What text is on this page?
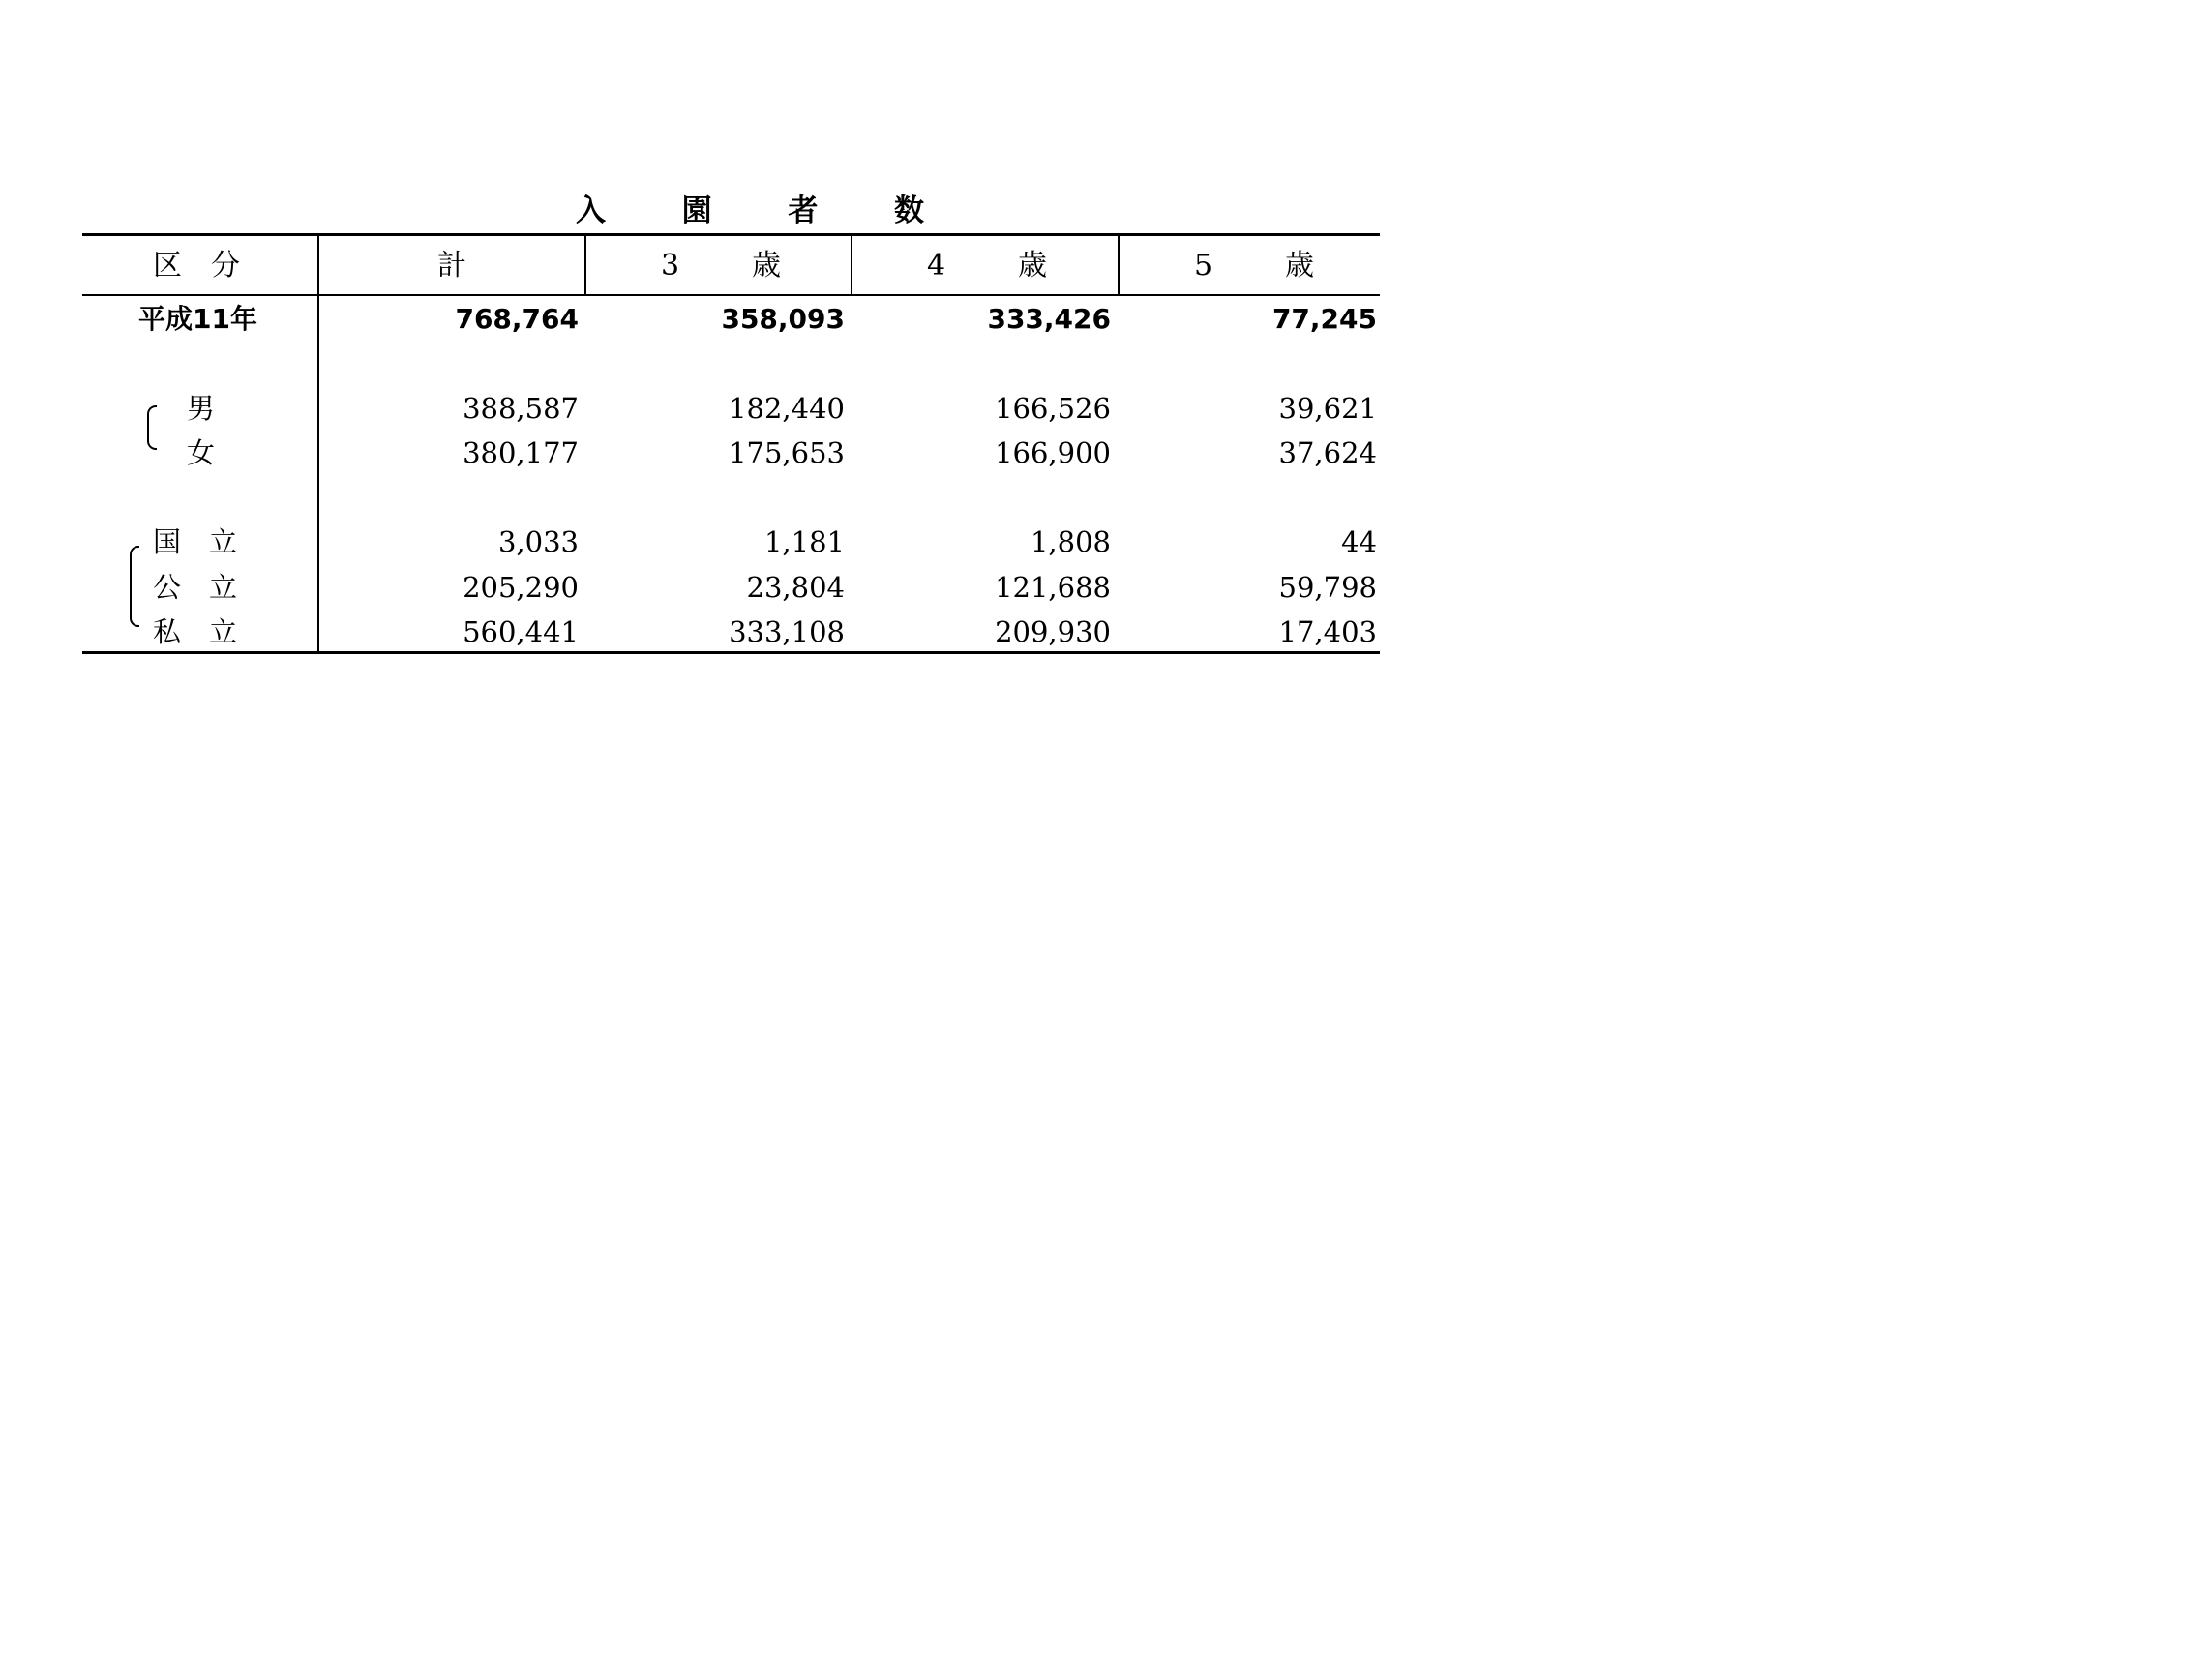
入	園	者	数
区　分	計	3 歳	4 歳	5 歳
平成11年	768,764	358,093	333,426	77,245
男	388,587	182,440	166,526	39,621
女	380,177	175,653	166,900	37,624
国　立	3,033	1,181	1,808	44
公　立	205,290	23,804	121,688	59,798
私　立	560,441	333,108	209,930	17,403
